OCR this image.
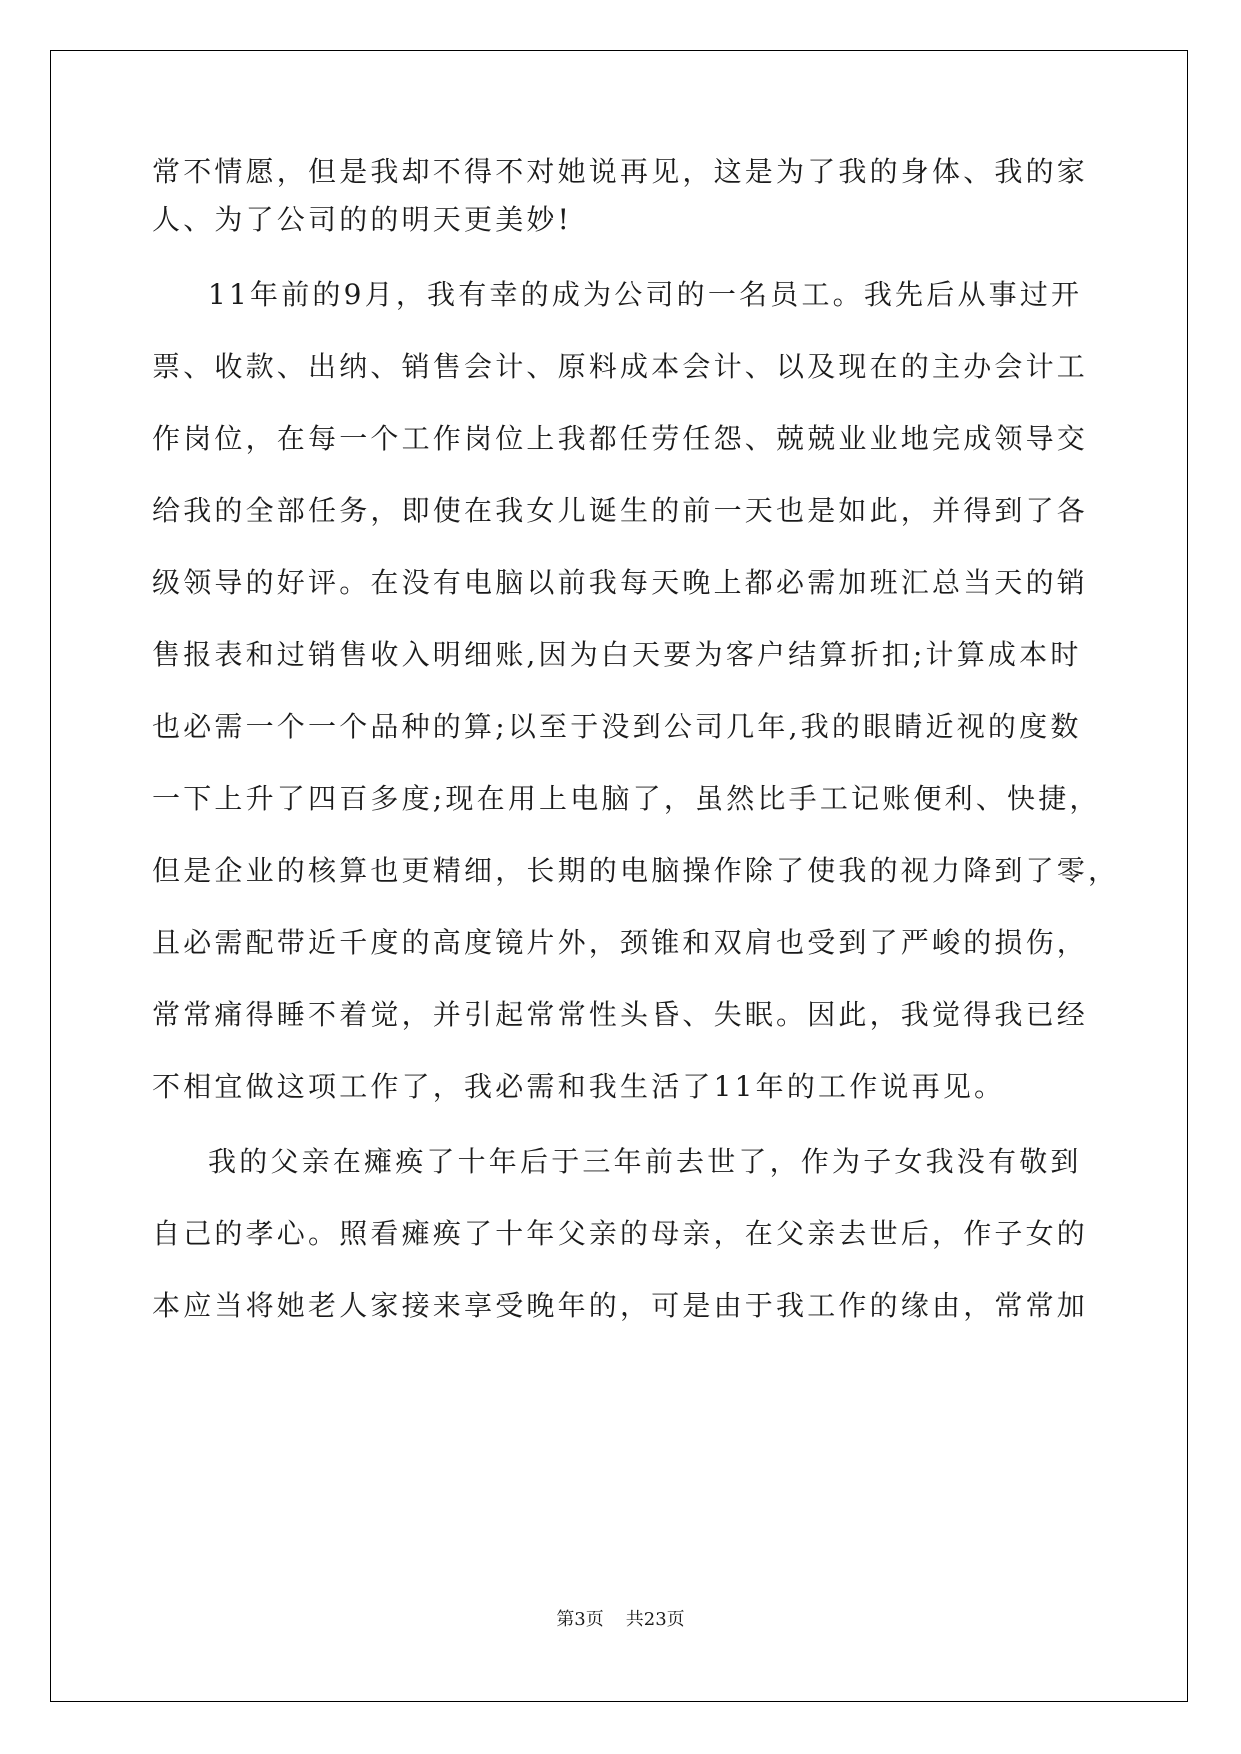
常不情愿，但是我却不得不对她说再见，这是为了我的身体、我的家
人、为了公司的的明天更美妙!
11年前的9月，我有幸的成为公司的一名员工。我先后从事过开
票、收款、出纳、销售会计、原料成本会计、以及现在的主办会计工
作岗位，在每一个工作岗位上我都任劳任怨、兢兢业业地完成领导交
给我的全部任务，即使在我女儿诞生的前一天也是如此，并得到了各
级领导的好评。在没有电脑以前我每天晚上都必需加班汇总当天的销
售报表和过销售收入明细账,因为白天要为客户结算折扣;计算成本时
也必需一个一个品种的算;以至于没到公司几年,我的眼睛近视的度数
一下上升了四百多度;现在用上电脑了，虽然比手工记账便利、快捷，
但是企业的核算也更精细，长期的电脑操作除了使我的视力降到了零，
且必需配带近千度的高度镜片外，颈锥和双肩也受到了严峻的损伤，
常常痛得睡不着觉，并引起常常性头昏、失眠。因此，我觉得我已经
不相宜做这项工作了，我必需和我生活了11年的工作说再见。
我的父亲在瘫痪了十年后于三年前去世了，作为子女我没有敬到
自己的孝心。照看瘫痪了十年父亲的母亲，在父亲去世后，作子女的
本应当将她老人家接来享受晚年的，可是由于我工作的缘由，常常加
第3页 共23页
